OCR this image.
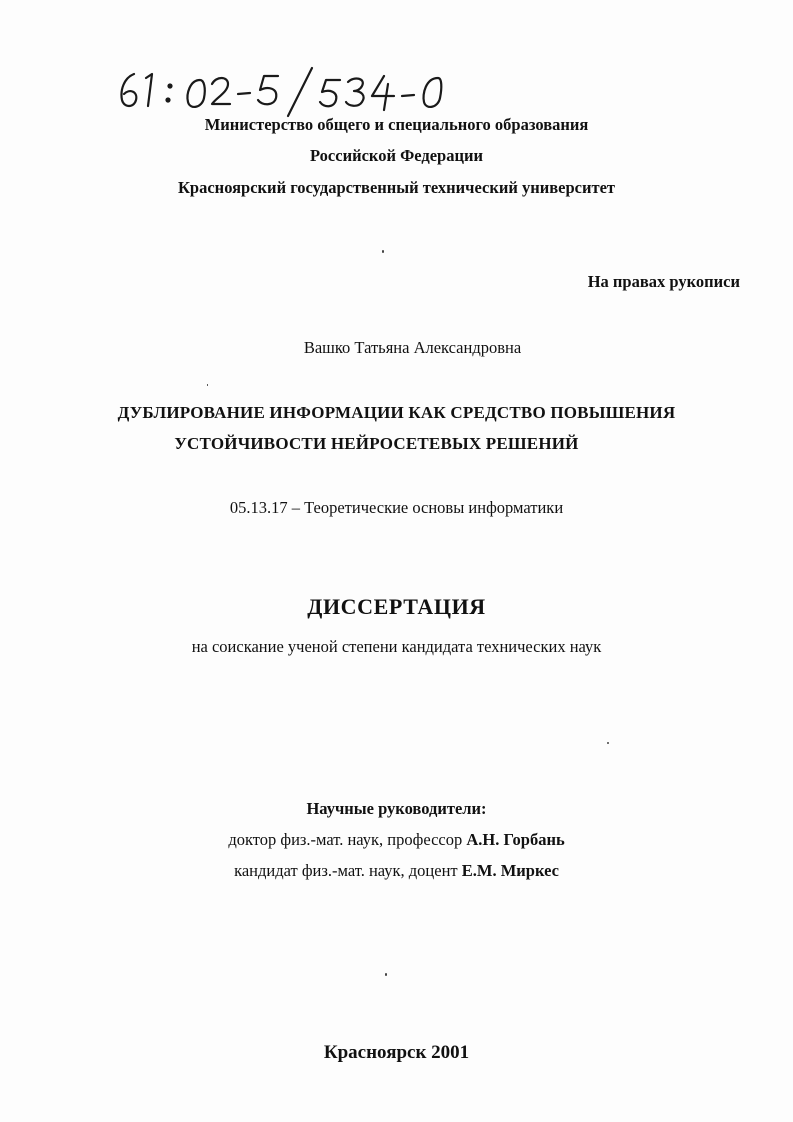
Министерство общего и специального образования
Российской Федерации
Красноярский государственный технический университет
На правах рукописи
Вашко Татьяна Александровна
ДУБЛИРОВАНИЕ ИНФОРМАЦИИ КАК СРЕДСТВО ПОВЫШЕНИЯ
УСТОЙЧИВОСТИ НЕЙРОСЕТЕВЫХ РЕШЕНИЙ
05.13.17 – Теоретические основы информатики
ДИССЕРТАЦИЯ
на соискание ученой степени кандидата технических наук
Научные руководители:
доктор физ.-мат. наук, профессор А.Н. Горбань
кандидат физ.-мат. наук, доцент Е.М. Миркес
Красноярск 2001
